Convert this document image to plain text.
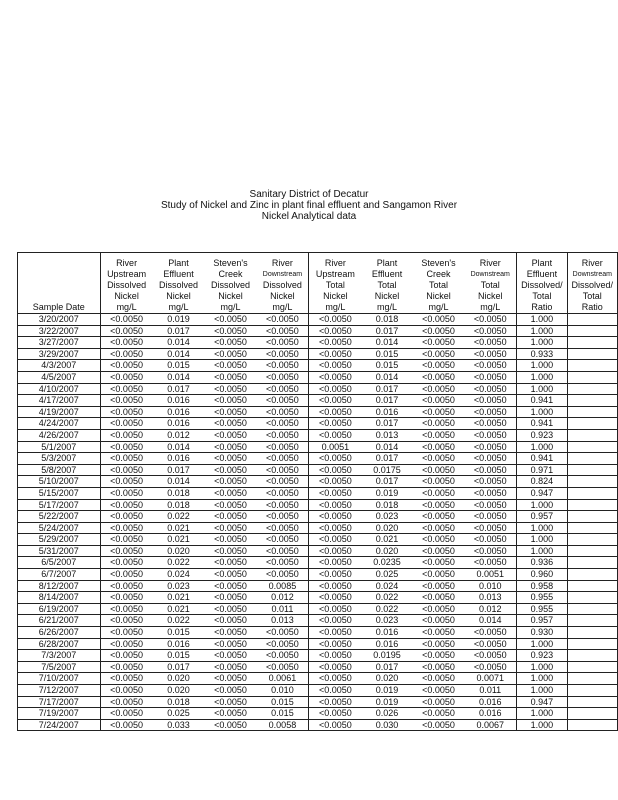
Sanitary District of Decatur
Study of Nickel and Zinc in plant final effluent and Sangamon River
Nickel Analytical data

Sample Date	River
Upstream
Dissolved
Nickel
mg/L	Plant
Effluent
Dissolved
Nickel
mg/L	Steven's
Creek
Dissolved
Nickel
mg/L	River
Downstream
Dissolved
Nickel
mg/L	River
Upstream
Total
Nickel
mg/L	Plant
Effluent
Total
Nickel
mg/L	Steven's
Creek
Total
Nickel
mg/L	River
Downstream
Total
Nickel
mg/L	Plant
Effluent
Dissolved/
Total
Ratio	River
Downstream
Dissolved/
Total
Ratio

3/20/2007	<0.0050	0.019	<0.0050	<0.0050	<0.0050	0.018	<0.0050	<0.0050	1.000	
3/22/2007	<0.0050	0.017	<0.0050	<0.0050	<0.0050	0.017	<0.0050	<0.0050	1.000	
3/27/2007	<0.0050	0.014	<0.0050	<0.0050	<0.0050	0.014	<0.0050	<0.0050	1.000	
3/29/2007	<0.0050	0.014	<0.0050	<0.0050	<0.0050	0.015	<0.0050	<0.0050	0.933	
4/3/2007	<0.0050	0.015	<0.0050	<0.0050	<0.0050	0.015	<0.0050	<0.0050	1.000	
4/5/2007	<0.0050	0.014	<0.0050	<0.0050	<0.0050	0.014	<0.0050	<0.0050	1.000	
4/10/2007	<0.0050	0.017	<0.0050	<0.0050	<0.0050	0.017	<0.0050	<0.0050	1.000	
4/17/2007	<0.0050	0.016	<0.0050	<0.0050	<0.0050	0.017	<0.0050	<0.0050	0.941	
4/19/2007	<0.0050	0.016	<0.0050	<0.0050	<0.0050	0.016	<0.0050	<0.0050	1.000	
4/24/2007	<0.0050	0.016	<0.0050	<0.0050	<0.0050	0.017	<0.0050	<0.0050	0.941	
4/26/2007	<0.0050	0.012	<0.0050	<0.0050	<0.0050	0.013	<0.0050	<0.0050	0.923	
5/1/2007	<0.0050	0.014	<0.0050	<0.0050	0.0051	0.014	<0.0050	<0.0050	1.000	
5/3/2007	<0.0050	0.016	<0.0050	<0.0050	<0.0050	0.017	<0.0050	<0.0050	0.941	
5/8/2007	<0.0050	0.017	<0.0050	<0.0050	<0.0050	0.0175	<0.0050	<0.0050	0.971	
5/10/2007	<0.0050	0.014	<0.0050	<0.0050	<0.0050	0.017	<0.0050	<0.0050	0.824	
5/15/2007	<0.0050	0.018	<0.0050	<0.0050	<0.0050	0.019	<0.0050	<0.0050	0.947	
5/17/2007	<0.0050	0.018	<0.0050	<0.0050	<0.0050	0.018	<0.0050	<0.0050	1.000	
5/22/2007	<0.0050	0.022	<0.0050	<0.0050	<0.0050	0.023	<0.0050	<0.0050	0.957	
5/24/2007	<0.0050	0.021	<0.0050	<0.0050	<0.0050	0.020	<0.0050	<0.0050	1.000	
5/29/2007	<0.0050	0.021	<0.0050	<0.0050	<0.0050	0.021	<0.0050	<0.0050	1.000	
5/31/2007	<0.0050	0.020	<0.0050	<0.0050	<0.0050	0.020	<0.0050	<0.0050	1.000	
6/5/2007	<0.0050	0.022	<0.0050	<0.0050	<0.0050	0.0235	<0.0050	<0.0050	0.936	
6/7/2007	<0.0050	0.024	<0.0050	<0.0050	<0.0050	0.025	<0.0050	0.0051	0.960	
8/12/2007	<0.0050	0.023	<0.0050	0.0085	<0.0050	0.024	<0.0050	0.010	0.958	
8/14/2007	<0.0050	0.021	<0.0050	0.012	<0.0050	0.022	<0.0050	0.013	0.955	
6/19/2007	<0.0050	0.021	<0.0050	0.011	<0.0050	0.022	<0.0050	0.012	0.955	
6/21/2007	<0.0050	0.022	<0.0050	0.013	<0.0050	0.023	<0.0050	0.014	0.957	
6/26/2007	<0.0050	0.015	<0.0050	<0.0050	<0.0050	0.016	<0.0050	<0.0050	0.930	
6/28/2007	<0.0050	0.016	<0.0050	<0.0050	<0.0050	0.016	<0.0050	<0.0050	1.000	
7/3/2007	<0.0050	0.015	<0.0050	<0.0050	<0.0050	0.0195	<0.0050	<0.0050	0.923	
7/5/2007	<0.0050	0.017	<0.0050	<0.0050	<0.0050	0.017	<0.0050	<0.0050	1.000	
7/10/2007	<0.0050	0.020	<0.0050	0.0061	<0.0050	0.020	<0.0050	0.0071	1.000	
7/12/2007	<0.0050	0.020	<0.0050	0.010	<0.0050	0.019	<0.0050	0.011	1.000	
7/17/2007	<0.0050	0.018	<0.0050	0.015	<0.0050	0.019	<0.0050	0.016	0.947	
7/19/2007	<0.0050	0.025	<0.0050	0.015	<0.0050	0.026	<0.0050	0.016	1.000	
7/24/2007	<0.0050	0.033	<0.0050	0.0058	<0.0050	0.030	<0.0050	0.0067	1.000	
